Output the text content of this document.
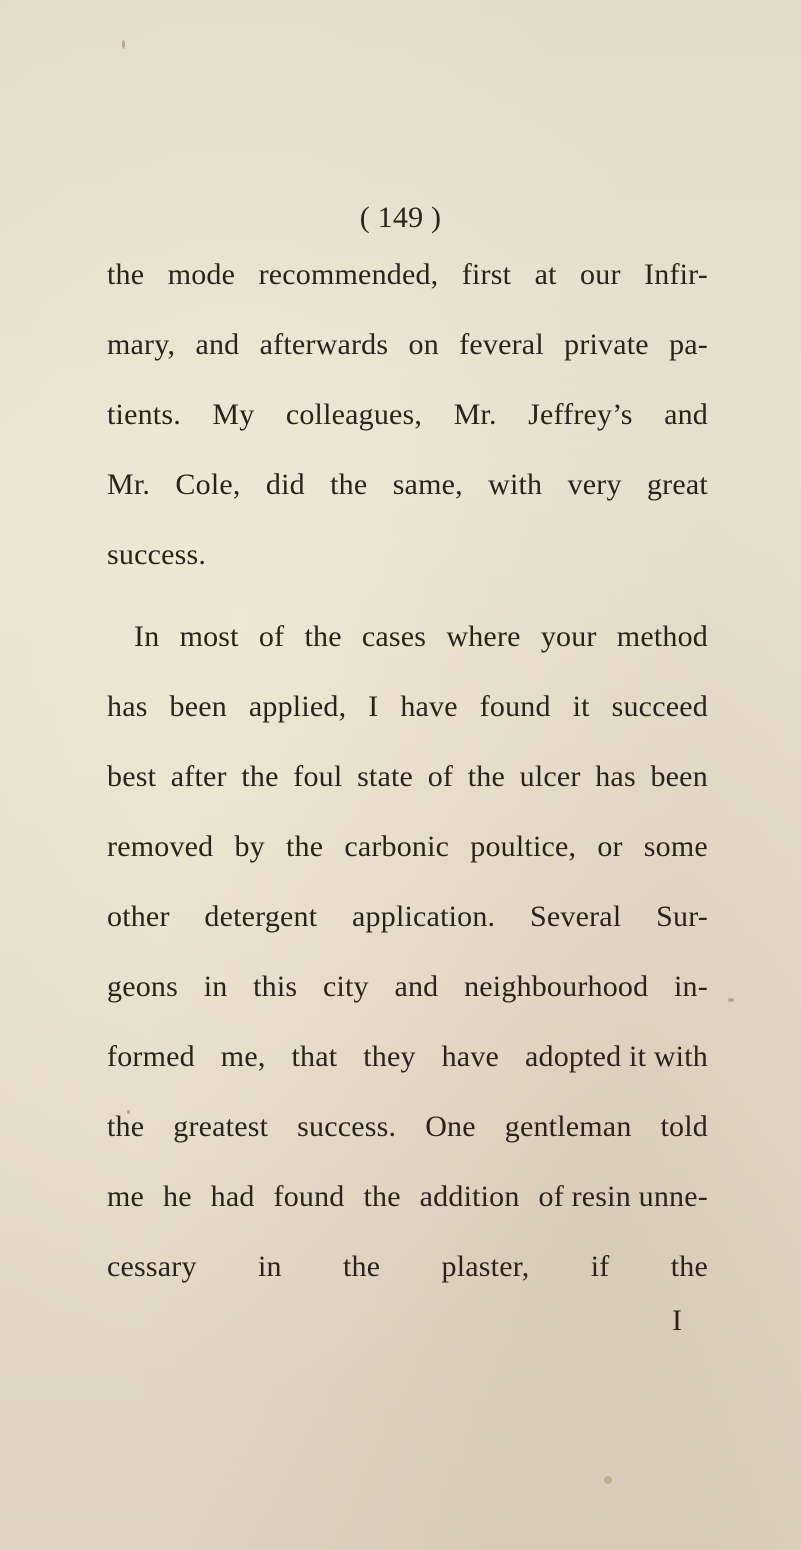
( 149 )
the mode recommended, first at our Infir-
mary, and afterwards on feveral private pa-
tients. My colleagues, Mr. Jeffrey’s and
Mr. Cole, did the same, with very great
success.
In most of the cases where your method
has been applied, I have found it succeed
best after the foul state of the ulcer has been
removed by the carbonic poultice, or some
other detergent application. Several Sur-
geons in this city and neighbourhood in-
formed me, that they have adopted it with
the greatest success. One gentleman told
me he had found the addition of resin unne-
cessary in the plaster, if the
I
